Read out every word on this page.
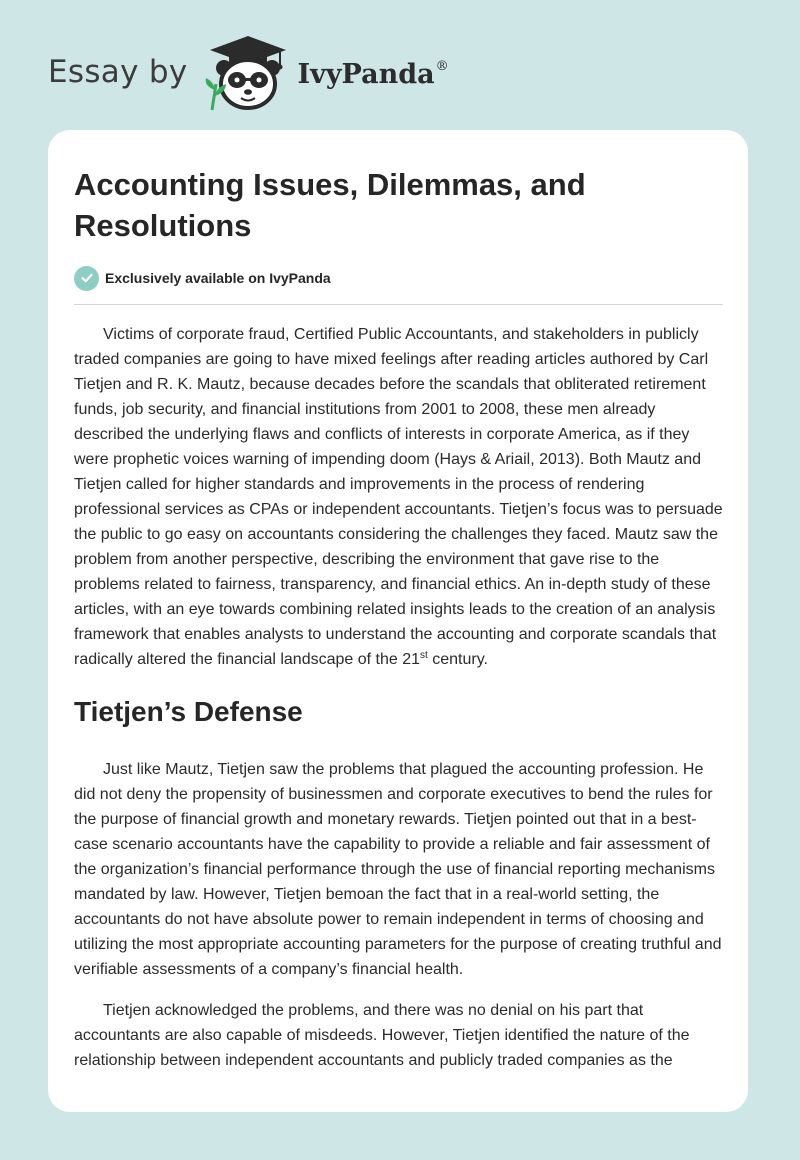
Essay by	IvyPanda®
Accounting Issues, Dilemmas, and Resolutions
Exclusively available on IvyPanda

Victims of corporate fraud, Certified Public Accountants, and stakeholders in publicly traded companies are going to have mixed feelings after reading articles authored by Carl Tietjen and R. K. Mautz, because decades before the scandals that obliterated retirement funds, job security, and financial institutions from 2001 to 2008, these men already described the underlying flaws and conflicts of interests in corporate America, as if they were prophetic voices warning of impending doom (Hays & Ariail, 2013). Both Mautz and Tietjen called for higher standards and improvements in the process of rendering professional services as CPAs or independent accountants. Tietjen’s focus was to persuade the public to go easy on accountants considering the challenges they faced. Mautz saw the problem from another perspective, describing the environment that gave rise to the problems related to fairness, transparency, and financial ethics. An in-depth study of these articles, with an eye towards combining related insights leads to the creation of an analysis framework that enables analysts to understand the accounting and corporate scandals that radically altered the financial landscape of the 21st century.

Tietjen’s Defense

Just like Mautz, Tietjen saw the problems that plagued the accounting profession. He did not deny the propensity of businessmen and corporate executives to bend the rules for the purpose of financial growth and monetary rewards. Tietjen pointed out that in a best-case scenario accountants have the capability to provide a reliable and fair assessment of the organization’s financial performance through the use of financial reporting mechanisms mandated by law. However, Tietjen bemoan the fact that in a real-world setting, the accountants do not have absolute power to remain independent in terms of choosing and utilizing the most appropriate accounting parameters for the purpose of creating truthful and verifiable assessments of a company’s financial health.

Tietjen acknowledged the problems, and there was no denial on his part that accountants are also capable of misdeeds. However, Tietjen identified the nature of the relationship between independent accountants and publicly traded companies as the
